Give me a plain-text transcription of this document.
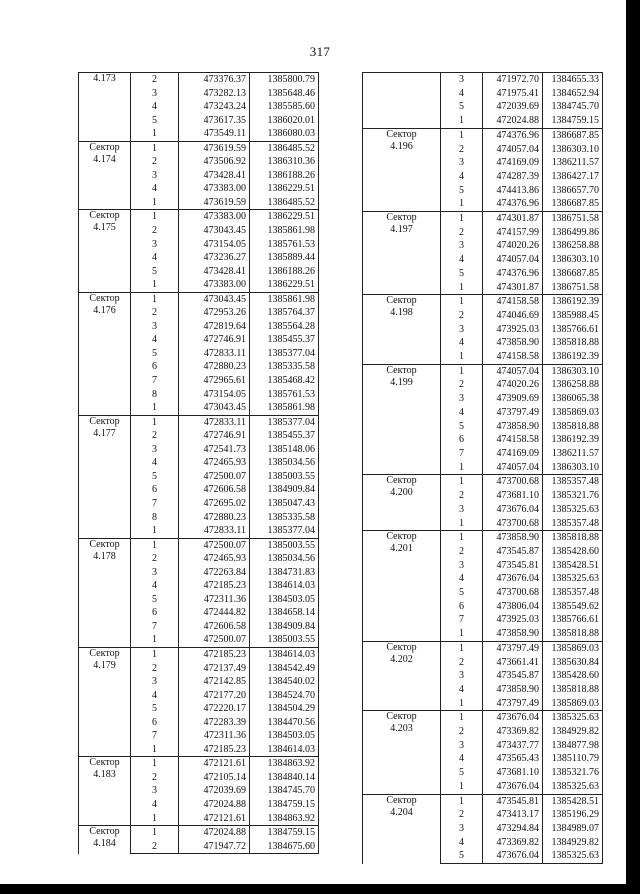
317
4.173	2	473376.37	1385800.79
	3	473282.13	1385648.46
	4	473243.24	1385585.60
	5	473617.35	1386020.01
	1	473549.11	1386080.03
Сектор
4.174	1	473619.59	1386485.52
	2	473506.92	1386310.36
	3	473428.41	1386188.26
	4	473383.00	1386229.51
	1	473619.59	1386485.52
Сектор
4.175	1	473383.00	1386229.51
	2	473043.45	1385861.98
	3	473154.05	1385761.53
	4	473236.27	1385889.44
	5	473428.41	1386188.26
	1	473383.00	1386229.51
Сектор
4.176	1	473043.45	1385861.98
	2	472953.26	1385764.37
	3	472819.64	1385564.28
	4	472746.91	1385455.37
	5	472833.11	1385377.04
	6	472880.23	1385335.58
	7	472965.61	1385468.42
	8	473154.05	1385761.53
	1	473043.45	1385861.98
Сектор
4.177	1	472833.11	1385377.04
	2	472746.91	1385455.37
	3	472541.73	1385148.06
	4	472465.93	1385034.56
	5	472500.07	1385003.55
	6	472606.58	1384909.84
	7	472695.02	1385047.43
	8	472880.23	1385335.58
	1	472833.11	1385377.04
Сектор
4.178	1	472500.07	1385003.55
	2	472465.93	1385034.56
	3	472263.84	1384731.83
	4	472185.23	1384614.03
	5	472311.36	1384503.05
	6	472444.82	1384658.14
	7	472606.58	1384909.84
	1	472500.07	1385003.55
Сектор
4.179	1	472185.23	1384614.03
	2	472137.49	1384542.49
	3	472142.85	1384540.02
	4	472177.20	1384524.70
	5	472220.17	1384504.29
	6	472283.39	1384470.56
	7	472311.36	1384503.05
	1	472185.23	1384614.03
Сектор
4.183	1	472121.61	1384863.92
	2	472105.14	1384840.14
	3	472039.69	1384745.70
	4	472024.88	1384759.15
	1	472121.61	1384863.92
Сектор
4.184	1	472024.88	1384759.15
	2	471947.72	1384675.60
	3	471972.70	1384655.33
	4	471975.41	1384652.94
	5	472039.69	1384745.70
	1	472024.88	1384759.15
Сектор
4.196	1	474376.96	1386687.85
	2	474057.04	1386303.10
	3	474169.09	1386211.57
	4	474287.39	1386427.17
	5	474413.86	1386657.70
	1	474376.96	1386687.85
Сектор
4.197	1	474301.87	1386751.58
	2	474157.99	1386499.86
	3	474020.26	1386258.88
	4	474057.04	1386303.10
	5	474376.96	1386687.85
	1	474301.87	1386751.58
Сектор
4.198	1	474158.58	1386192.39
	2	474046.69	1385988.45
	3	473925.03	1385766.61
	4	473858.90	1385818.88
	1	474158.58	1386192.39
Сектор
4.199	1	474057.04	1386303.10
	2	474020.26	1386258.88
	3	473909.69	1386065.38
	4	473797.49	1385869.03
	5	473858.90	1385818.88
	6	474158.58	1386192.39
	7	474169.09	1386211.57
	1	474057.04	1386303.10
Сектор
4.200	1	473700.68	1385357.48
	2	473681.10	1385321.76
	3	473676.04	1385325.63
	1	473700.68	1385357.48
Сектор
4.201	1	473858.90	1385818.88
	2	473545.87	1385428.60
	3	473545.81	1385428.51
	4	473676.04	1385325.63
	5	473700.68	1385357.48
	6	473806.04	1385549.62
	7	473925.03	1385766.61
	1	473858.90	1385818.88
Сектор
4.202	1	473797.49	1385869.03
	2	473661.41	1385630.84
	3	473545.87	1385428.60
	4	473858.90	1385818.88
	1	473797.49	1385869.03
Сектор
4.203	1	473676.04	1385325.63
	2	473369.82	1384929.82
	3	473437.77	1384877.98
	4	473565.43	1385110.79
	5	473681.10	1385321.76
	1	473676.04	1385325.63
Сектор
4.204	1	473545.81	1385428.51
	2	473413.17	1385196.29
	3	473294.84	1384989.07
	4	473369.82	1384929.82
	5	473676.04	1385325.63
